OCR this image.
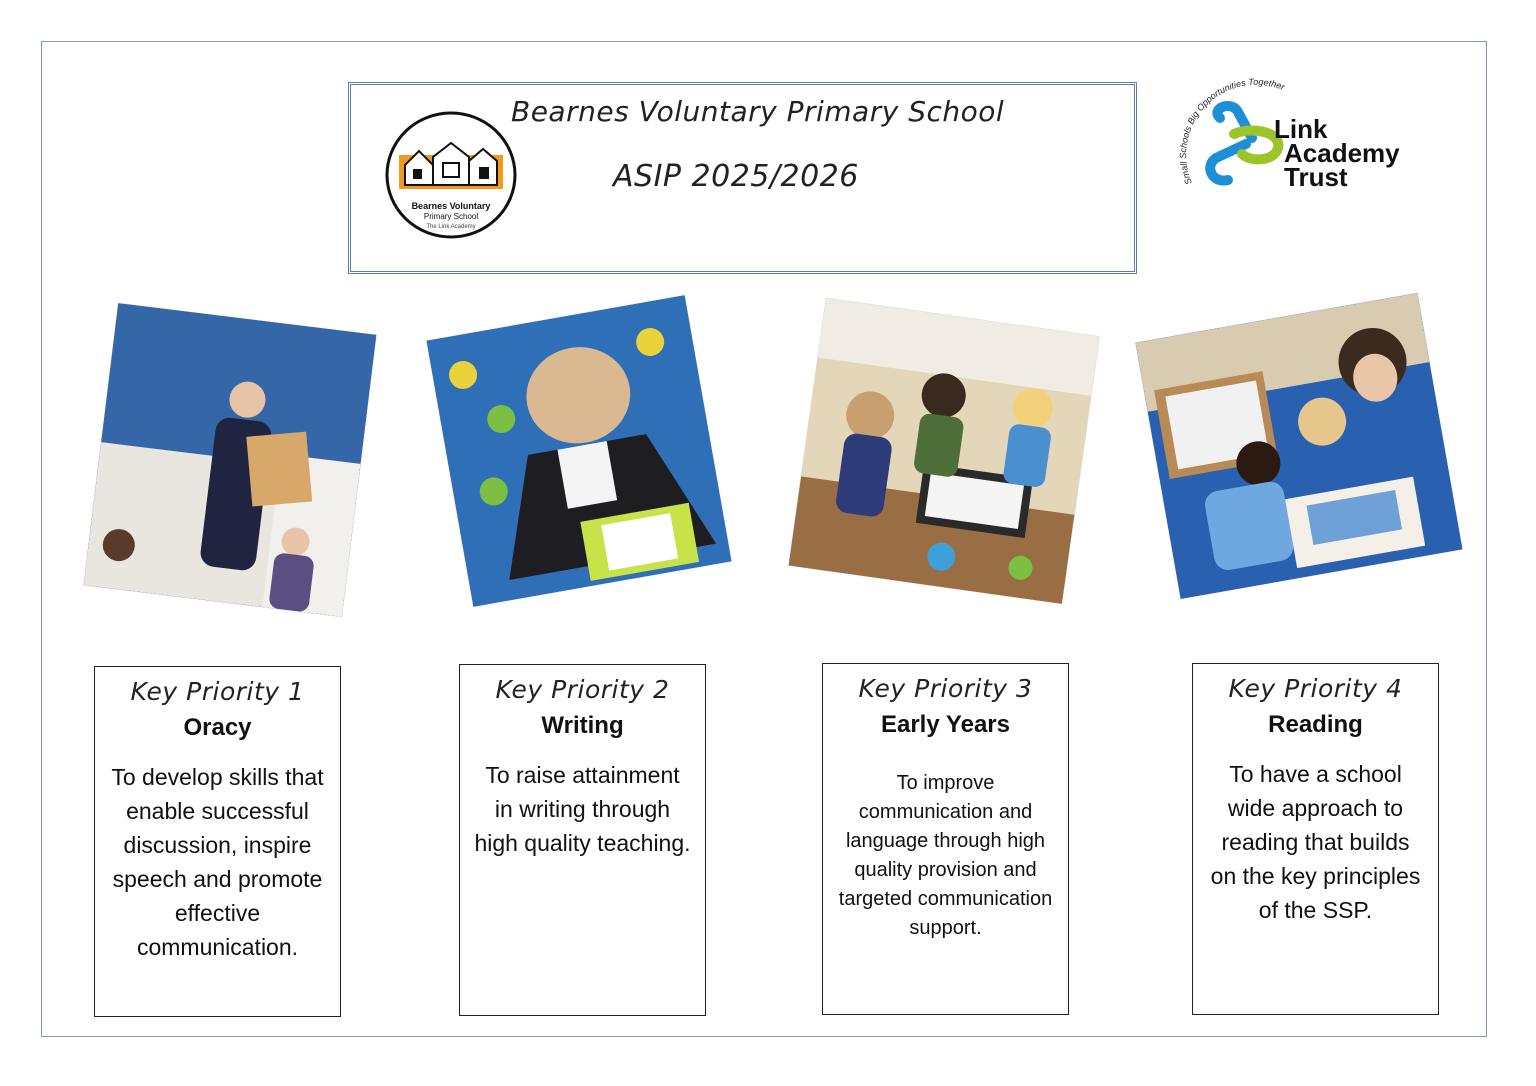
Bearnes Voluntary Primary School
ASIP 2025/2026
Bearnes Voluntary
Primary School
The Link Academy
Small Schools Big Opportunities Together
Link
Academy
Trust
Key Priority 1
Oracy
To develop skills that enable successful discussion, inspire speech and promote effective communication.
Key Priority 2
Writing
To raise attainment in writing through high quality teaching.
Key Priority 3
Early Years
To improve communication and language through high quality provision and targeted communication support.
Key Priority 4
Reading
To have a school wide approach to reading that builds on the key principles of the SSP.
